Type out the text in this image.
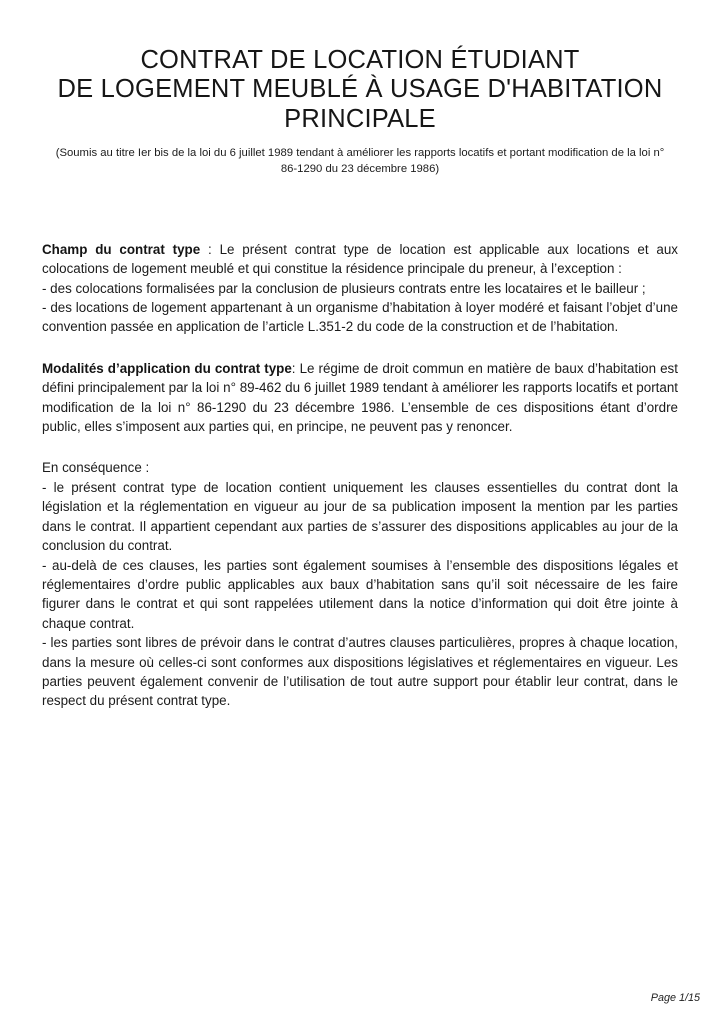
CONTRAT DE LOCATION ÉTUDIANT
DE LOGEMENT MEUBLÉ À USAGE D'HABITATION
PRINCIPALE
(Soumis au titre Ier bis de la loi du 6 juillet 1989 tendant à améliorer les rapports locatifs et portant modification de la loi n° 86-1290 du 23 décembre 1986)

Champ du contrat type : Le présent contrat type de location est applicable aux locations et aux colocations de logement meublé et qui constitue la résidence principale du preneur, à l’exception :

- des colocations formalisées par la conclusion de plusieurs contrats entre les locataires et le bailleur ;

- des locations de logement appartenant à un organisme d’habitation à loyer modéré et faisant l’objet d’une convention passée en application de l’article L.351-2 du code de la construction et de l’habitation.

Modalités d’application du contrat type: Le régime de droit commun en matière de baux d’habitation est défini principalement par la loi n° 89-462 du 6 juillet 1989 tendant à améliorer les rapports locatifs et portant modification de la loi n° 86-1290 du 23 décembre 1986. L’ensemble de ces dispositions étant d’ordre public, elles s’imposent aux parties qui, en principe, ne peuvent pas y renoncer.

En conséquence :

- le présent contrat type de location contient uniquement les clauses essentielles du contrat dont la législation et la réglementation en vigueur au jour de sa publication imposent la mention par les parties dans le contrat. Il appartient cependant aux parties de s’assurer des dispositions applicables au jour de la conclusion du contrat.

- au-delà de ces clauses, les parties sont également soumises à l’ensemble des dispositions légales et réglementaires d’ordre public applicables aux baux d’habitation sans qu’il soit nécessaire de les faire figurer dans le contrat et qui sont rappelées utilement dans la notice d’information qui doit être jointe à chaque contrat.

- les parties sont libres de prévoir dans le contrat d’autres clauses particulières, propres à chaque location, dans la mesure où celles-ci sont conformes aux dispositions législatives et réglementaires en vigueur. Les parties peuvent également convenir de l’utilisation de tout autre support pour établir leur contrat, dans le respect du présent contrat type.

Page 1/15
